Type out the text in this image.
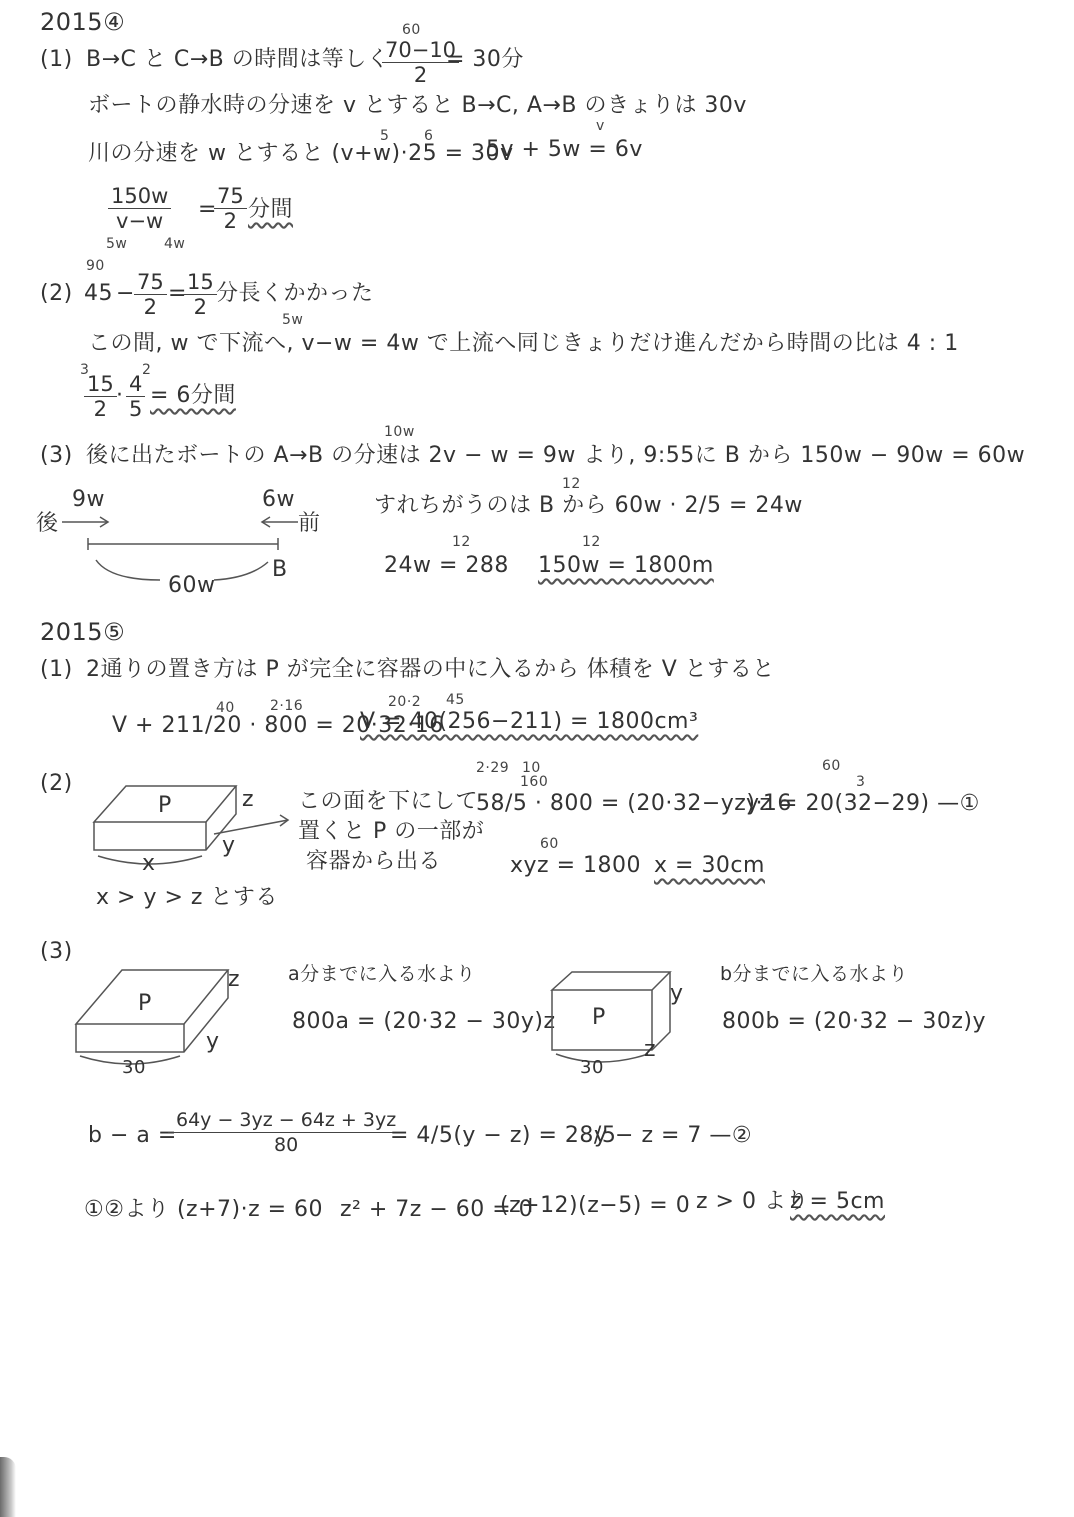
2015④
(1) B→C と C→B の時間は等しく
60
$\frac{70-10}{2}$
= 30分
ボートの静水時の分速を v とすると B→C, A→B のきょりは 30v
5 6
v
川の分速を w とすると (v+w)·25 = 30v
5v + 5w = 6v
$\frac{150w}{v-w}$ =
$\frac{75}{2}$ 分間
5w	4w
(2)
90
$45 - \frac{75}{2}$ =
$\frac{15}{2}$ 分長くかかった
5w
この間, w で下流へ, v−w = 4w で上流へ同じきょりだけ進んだから時間の比は 4 : 1
3	2
$\frac{15}{2} \cdot \frac{4}{5} = 6$分間
10w
(3) 後に出たボートの A→B の分速は 2v − w = 9w より, 9:55に B から 150w − 90w = 60w
後
9w	6w
前
B
60w
12
すれちがうのは B から 60w · 2/5 = 24w
12	12
24w = 288 150w = 1800m
2015⑤
(1) 2通りの置き方は P が完全に容器の中に入るから 体積を V とすると
40	2·16	20·2 45
V + 211/20 · 800 = 20·32·16
V = 40(256−211) = 1800cm³
(2)
P	z
y
x
この面を下にして
置くと P の一部が
容器から出る
x > y > z とする
2·29 10
160
58/5 · 800 = (20·32−yz)·16
60
3
yz = 20(32−29) —①
60
xyz = 1800 x = 30cm
(3)
P
z
y
30
a分までに入る水より
800a = (20·32 − 30y)z P
y
z
30
b分までに入る水より
800b = (20·32 − 30z)y
b − a =
$\frac{64y - 3yz - 64z + 3yz}{80}$
= 4/5(y − z) = 28/5
y − z = 7 —②
①②より (z+7)·z = 60 z² + 7z − 60 = 0
(z+12)(z−5) = 0 z > 0 より
z = 5cm
